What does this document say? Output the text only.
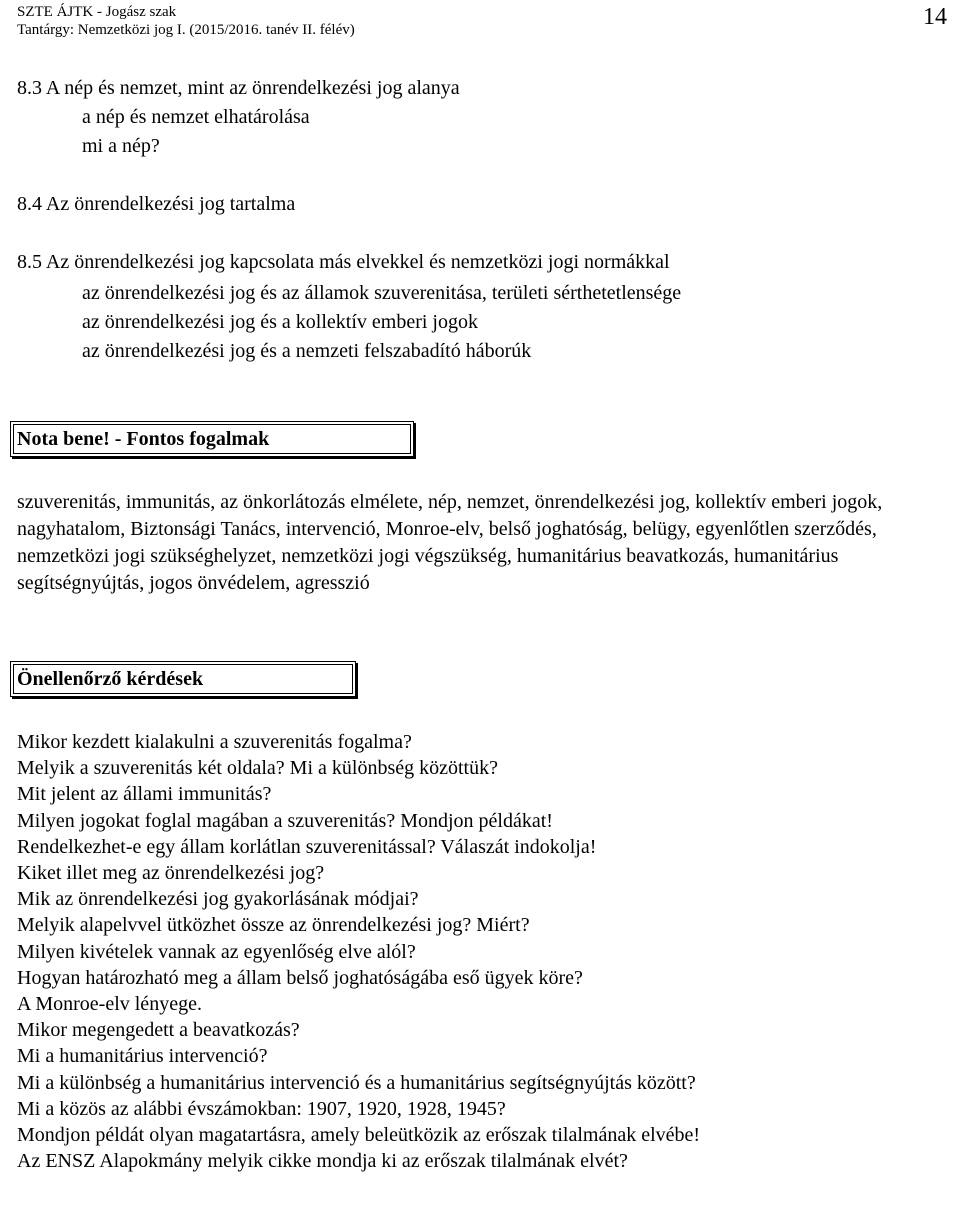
SZTE ÁJTK - Jogász szak
Tantárgy: Nemzetközi jog I. (2015/2016. tanév II. félév)	14
8.3 A nép és nemzet, mint az önrendelkezési jog alanya
a nép és nemzet elhatárolása
mi a nép?
8.4 Az önrendelkezési jog tartalma
8.5 Az önrendelkezési jog kapcsolata más elvekkel és nemzetközi jogi normákkal
az önrendelkezési jog és az államok szuverenitása, területi sérthetetlensége
az önrendelkezési jog és a kollektív emberi jogok
az önrendelkezési jog és a nemzeti felszabadító háborúk
Nota bene! - Fontos fogalmak
szuverenitás, immunitás, az önkorlátozás elmélete, nép, nemzet, önrendelkezési jog, kollektív emberi jogok, nagyhatalom, Biztonsági Tanács, intervenció, Monroe-elv, belső joghatóság, belügy, egyenlőtlen szerződés, nemzetközi jogi szükséghelyzet, nemzetközi jogi végszükség, humanitárius beavatkozás, humanitárius segítségnyújtás, jogos önvédelem, agresszió
Önellenőrző kérdések
Mikor kezdett kialakulni a szuverenitás fogalma?
Melyik a szuverenitás két oldala? Mi a különbség közöttük?
Mit jelent az állami immunitás?
Milyen jogokat foglal magában a szuverenitás? Mondjon példákat!
Rendelkezhet-e egy állam korlátlan szuverenitással? Válaszát indokolja!
Kiket illet meg az önrendelkezési jog?
Mik az önrendelkezési jog gyakorlásának módjai?
Melyik alapelvvel ütközhet össze az önrendelkezési jog? Miért?
Milyen kivételek vannak az egyenlőség elve alól?
Hogyan határozható meg a állam belső joghatóságába eső ügyek köre?
A Monroe-elv lényege.
Mikor megengedett a beavatkozás?
Mi a humanitárius intervenció?
Mi a különbség a humanitárius intervenció és a humanitárius segítségnyújtás között?
Mi a közös az alábbi évszámokban: 1907, 1920, 1928, 1945?
Mondjon példát olyan magatartásra, amely beleütközik az erőszak tilalmának elvébe!
Az ENSZ Alapokmány melyik cikke mondja ki az erőszak tilalmának elvét?
